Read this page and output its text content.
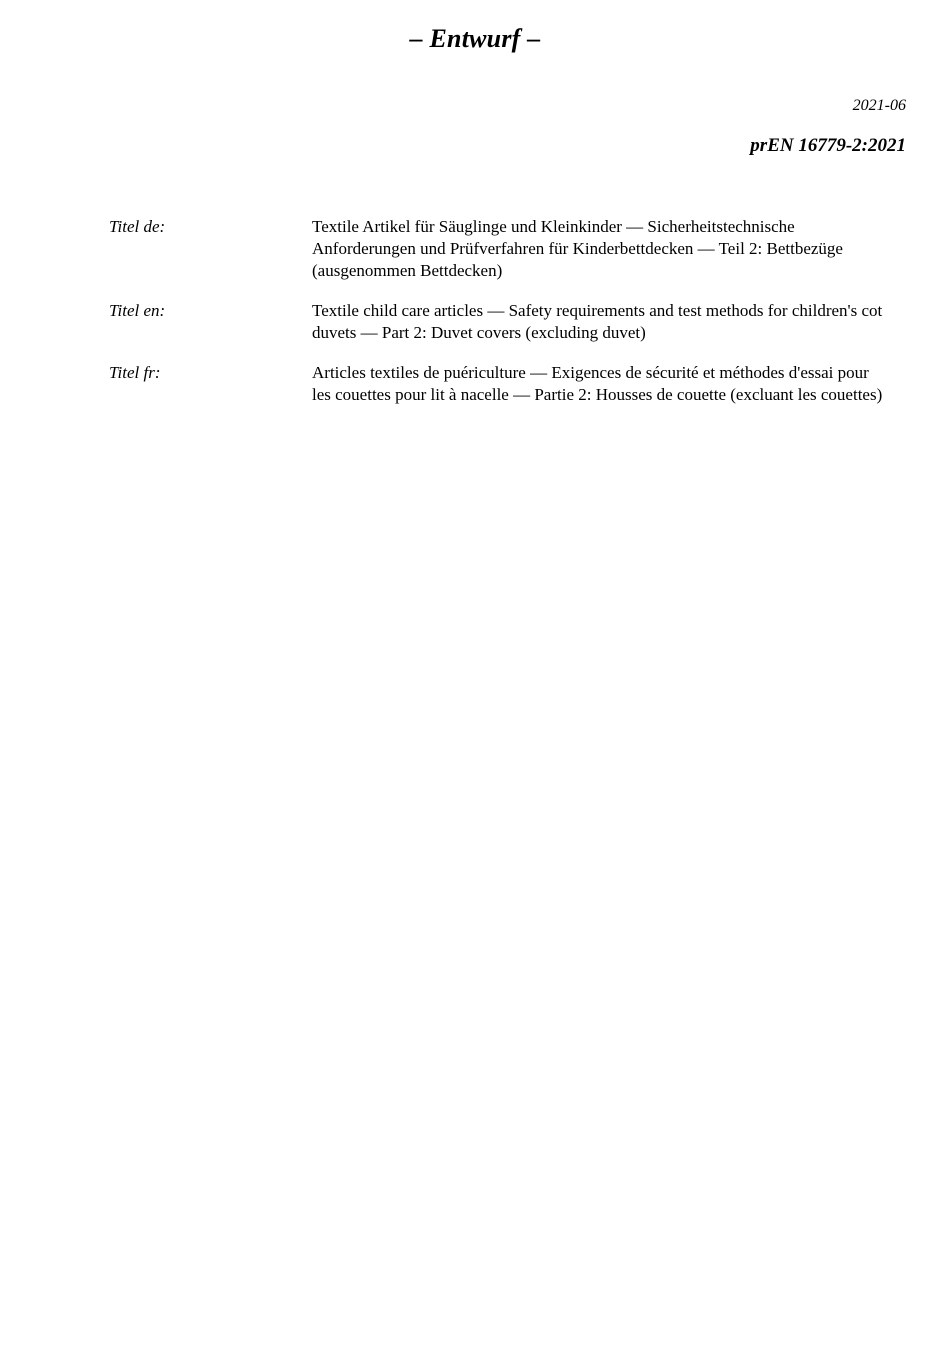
– Entwurf –
2021-06
prEN 16779-2:2021
Titel de:	Textile Artikel für Säuglinge und Kleinkinder — Sicherheitstechnische Anforderungen und Prüfverfahren für Kinderbettdecken — Teil 2: Bettbezüge (ausgenommen Bettdecken)
Titel en:	Textile child care articles — Safety requirements and test methods for children's cot duvets — Part 2: Duvet covers (excluding duvet)
Titel fr:	Articles textiles de puériculture — Exigences de sécurité et méthodes d'essai pour les couettes pour lit à nacelle — Partie 2: Housses de couette (excluant les couettes)
